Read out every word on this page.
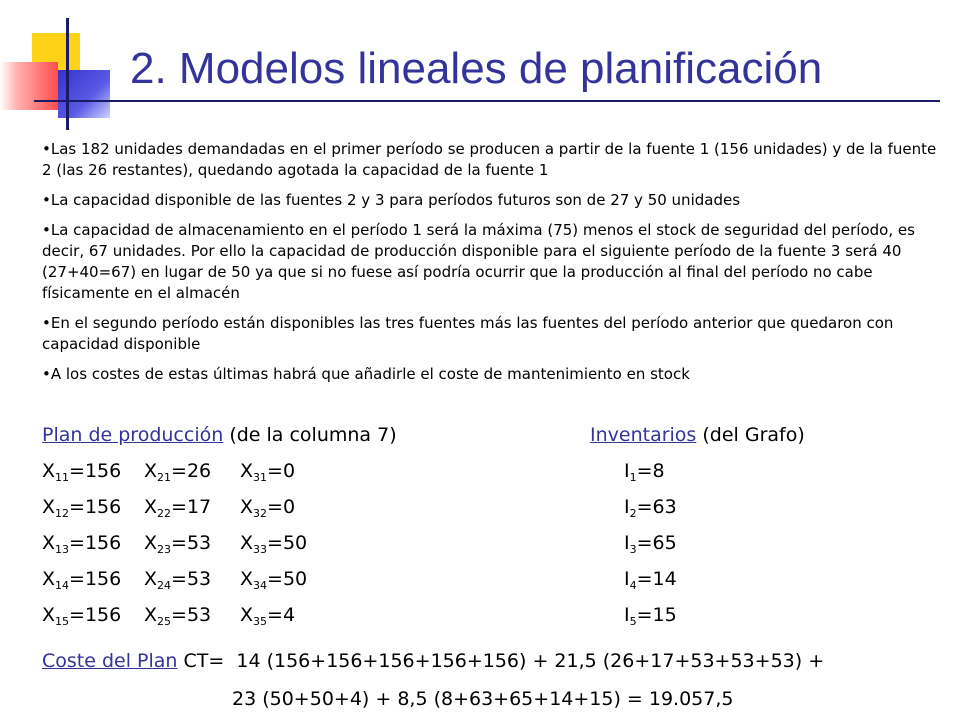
2. Modelos lineales de planificación

• Las 182 unidades demandadas en el primer período se producen a partir de la fuente 1 (156 unidades) y de la fuente 2 (las 26 restantes), quedando agotada la capacidad de la fuente 1

• La capacidad disponible de las fuentes 2 y 3 para períodos futuros son de 27 y 50 unidades

• La capacidad de almacenamiento en el período 1 será la máxima (75) menos el stock de seguridad del período, es decir, 67 unidades. Por ello la capacidad de producción disponible para el siguiente período de la fuente 3 será 40 (27+40=67) en lugar de 50 ya que si no fuese así podría ocurrir que la producción al final del período no cabe físicamente en el almacén

• En el segundo período están disponibles las tres fuentes más las fuentes del período anterior que quedaron con capacidad disponible

• A los costes de estas últimas habrá que añadirle el coste de mantenimiento en stock

Plan de producción (de la columna 7)	Inventarios (del Grafo)
$X_{11}=156$ $X_{21}=26$ $X_{31}=0$	$I_1=8$
$X_{12}=156$ $X_{22}=17$ $X_{32}=0$	$I_2=63$
$X_{13}=156$ $X_{23}=53$ $X_{33}=50$	$I_3=65$
$X_{14}=156$ $X_{24}=53$ $X_{34}=50$	$I_4=14$
$X_{15}=156$ $X_{25}=53$ $X_{35}=4$	$I_5=15$
Coste del Plan CT=  14 (156+156+156+156+156) + 21,5 (26+17+53+53+53) +
23 (50+50+4) + 8,5 (8+63+65+14+15) = 19.057,5
